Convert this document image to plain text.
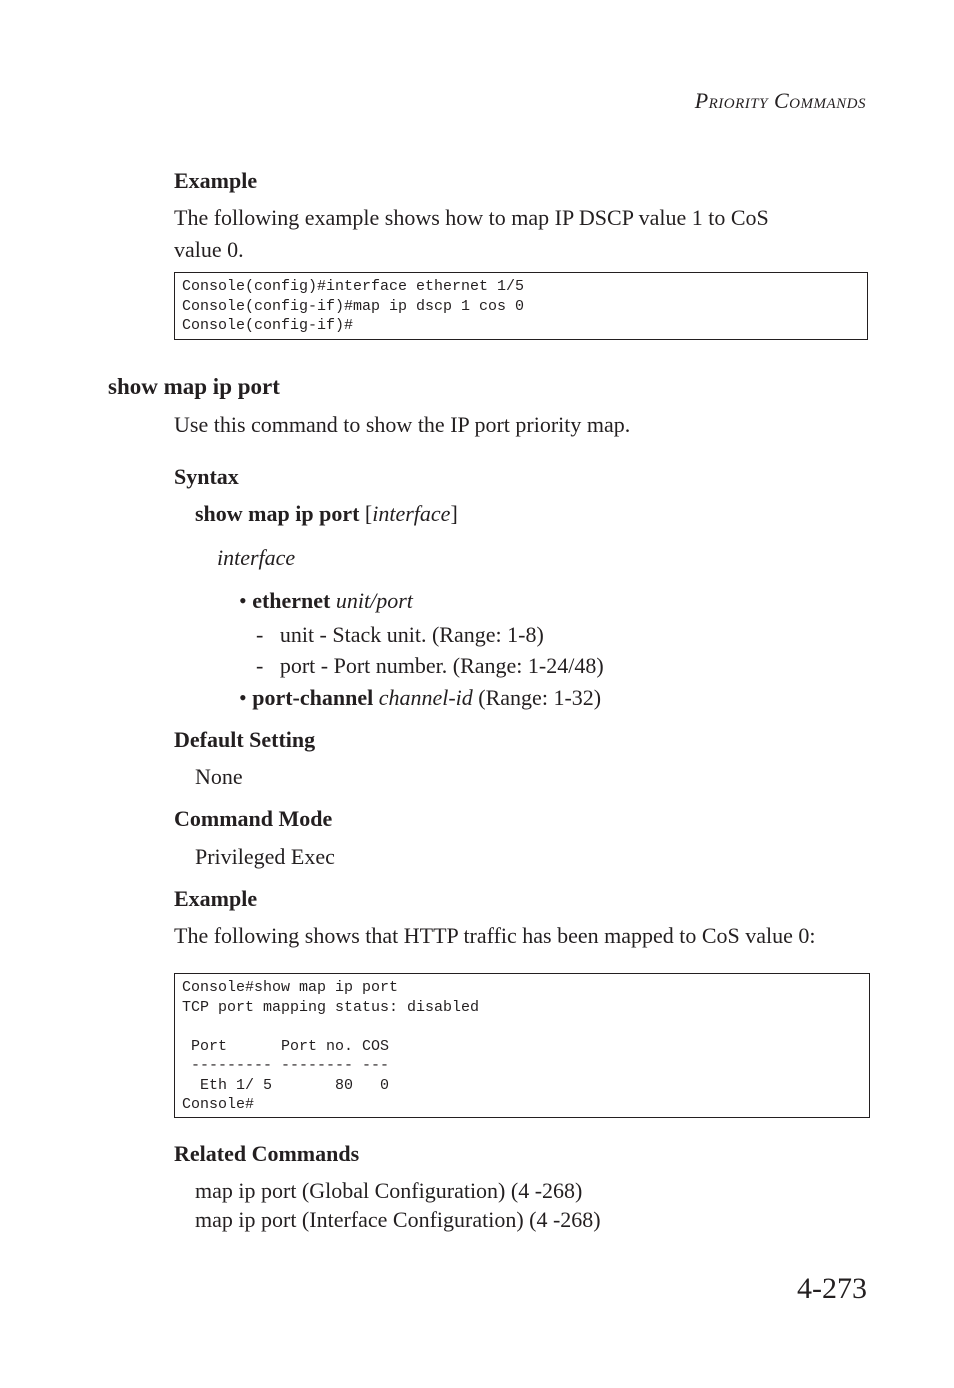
PRIORITY COMMANDS

Example

The following example shows how to map IP DSCP value 1 to CoS

value 0.

Console(config)#interface ethernet 1/5
Console(config-if)#map ip dscp 1 cos 0
Console(config-if)#

show map ip port

Use this command to show the IP port priority map.

Syntax

show map ip port [interface]

interface

• ethernet unit/port

-   unit - Stack unit. (Range: 1-8)

-   port - Port number. (Range: 1-24/48)

• port-channel channel-id (Range: 1-32)

Default Setting

None

Command Mode

Privileged Exec

Example

The following shows that HTTP traffic has been mapped to CoS value 0:

Console#show map ip port
TCP port mapping status: disabled

Port      Port no. COS
--------- -------- ---
Eth 1/ 5       80   0
Console#

Related Commands

map ip port (Global Configuration) (4 -268)

map ip port (Interface Configuration) (4 -268)

4-273
